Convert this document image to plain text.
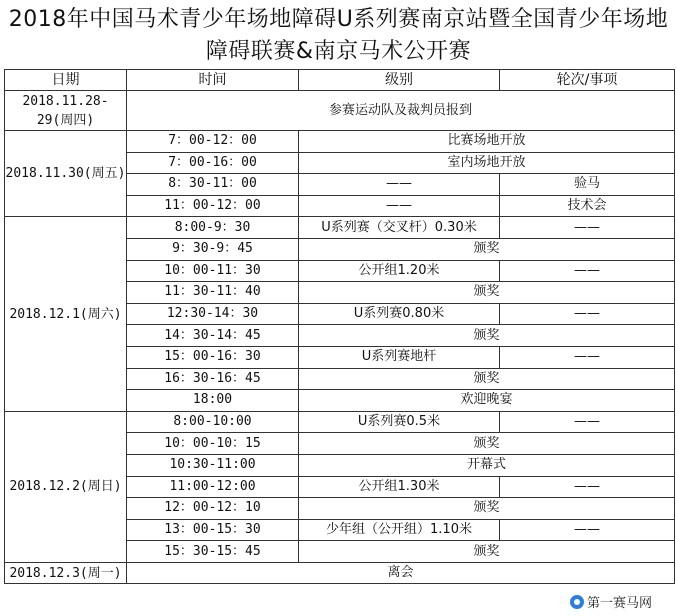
2018年中国马术青少年场地障碍U系列赛南京站暨全国青少年场地
障碍联赛&南京马术公开赛
日期	时间	级别	轮次/事项
2018.11.28-29(周四)	参赛运动队及裁判员报到		
2018.11.30(周五)	7：00-12：00	比赛场地开放	
	7：00-16：00	室内场地开放	
	8：30-11：00	——	验马
	11：00-12：00	——	技术会
2018.12.1(周六)	8:00-9：30	U系列赛（交叉杆）0.30米	——
	9：30-9：45	颁奖	
	10：00-11：30	公开组1.20米	——
	11：30-11：40	颁奖	
	12:30-14：30	U系列赛0.80米	——
	14：30-14：45	颁奖	
	15：00-16：30	U系列赛地杆	——
	16：30-16：45	颁奖	
	18:00	欢迎晚宴	
2018.12.2(周日)	8:00-10:00	U系列赛0.5米	——
	10：00-10：15	颁奖	
	10:30-11:00	开幕式	
	11:00-12:00	公开组1.30米	——
	12：00-12：10	颁奖	
	13：00-15：30	少年组（公开组）1.10米	——
	15：30-15：45	颁奖	
2018.12.3(周一)	离会		
第一赛马网
